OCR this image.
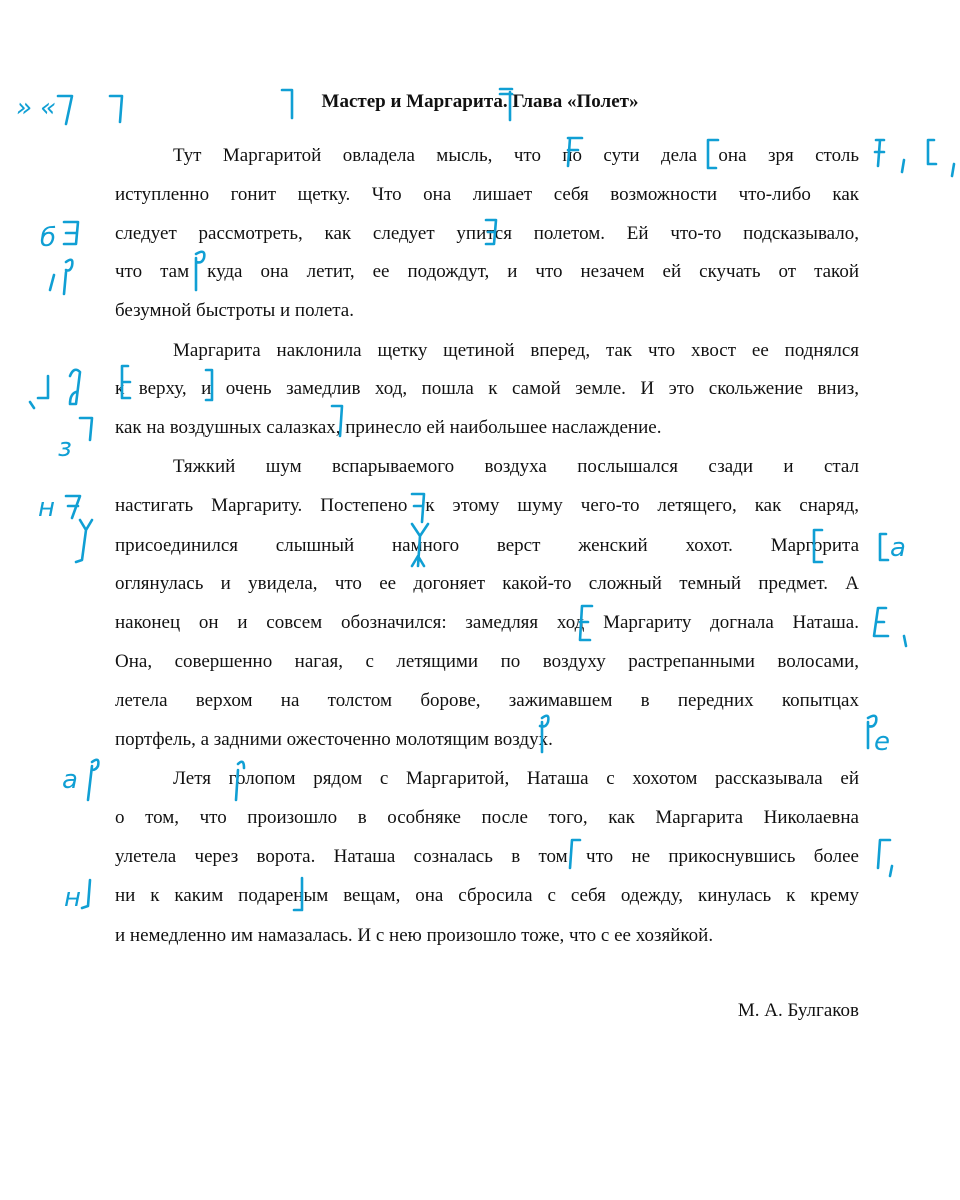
Мастер и Маргарита. Глава «Полет»
Тут Маргаритой овладела мысль, что по сути дела она зря столь
иступленно гонит щетку. Что она лишает себя возможности что-либо как
следует рассмотреть, как следует упится полетом. Ей что-то подсказывало,
что там куда она летит, ее подождут, и что незачем ей скучать от такой
безумной быстроты и полета.
Маргарита наклонила щетку щетиной вперед, так что хвост ее поднялся
к верху, и очень замедлив ход, пошла к самой земле. И это скольжение вниз,
как на воздушных салазках, принесло ей наибольшее наслаждение.
Тяжкий шум вспарываемого воздуха послышался сзади и стал
настигать Маргариту. Постепено к этому шуму чего-то летящего, как снаряд,
присоединился слышный намного верст женский хохот. Маргорита
оглянулась и увидела, что ее догоняет какой-то сложный темный предмет. А
наконец он и совсем обозначился: замедляя ход Маргариту догнала Наташа.
Она, совершенно нагая, с летящими по воздуху растрепанными волосами,
летела верхом на толстом борове, зажимавшем в передних копытцах
портфель, а задними ожесточенно молотящим воздух.
Летя голопом рядом с Маргаритой, Наташа с хохотом рассказывала ей
о том, что произошло в особняке после того, как Маргарита Николаевна
улетела через ворота. Наташа созналась в том что не прикоснувшись более
ни к каким подареным вещам, она сбросила с себя одежду, кинулась к крему
и немедленно им намазалась. И с нею произошло тоже, что с ее хозяйкой.
М. А. Булгаков
» «
б
з
н
а
е
а
н
